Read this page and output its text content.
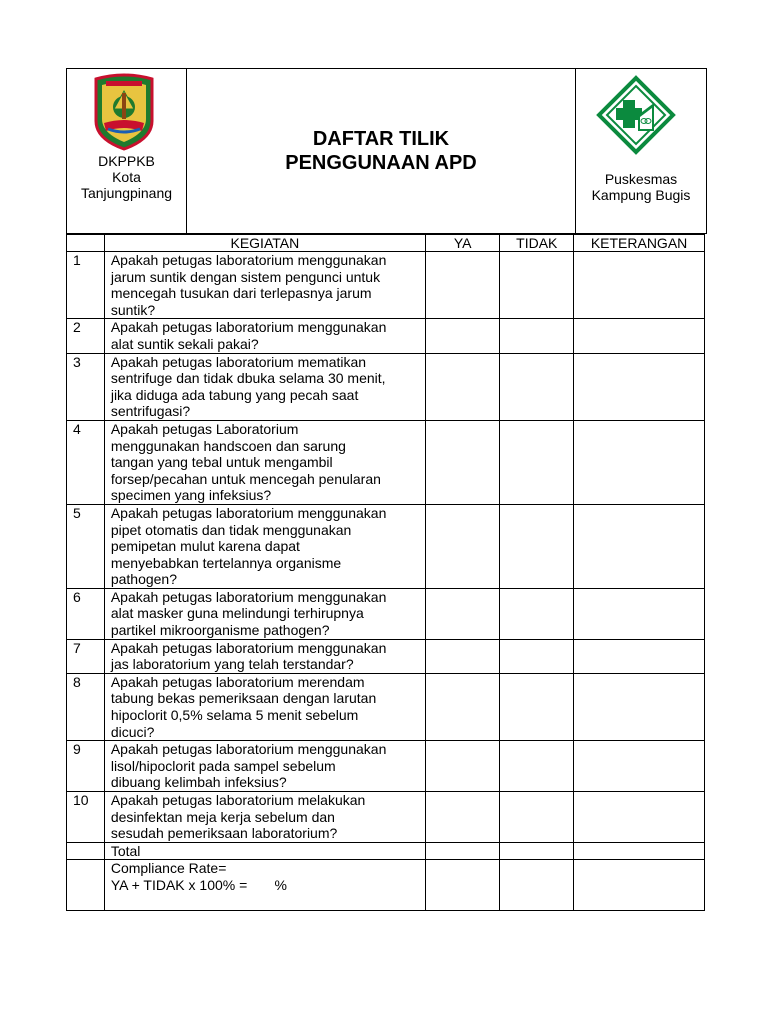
DKPPKB
Kota
Tanjungpinang

DAFTAR TILIK
PENGGUNAAN APD

Puskesmas
Kampung Bugis
	KEGIATAN	YA	TIDAK	KETERANGAN
1	Apakah petugas laboratorium menggunakan
jarum suntik dengan sistem pengunci untuk
mencegah tusukan dari terlepasnya jarum
suntik?			

2	Apakah petugas laboratorium menggunakan
alat suntik sekali pakai?			

3	Apakah petugas laboratorium mematikan
sentrifuge dan tidak dbuka selama 30 menit,
jika diduga ada tabung yang pecah saat
sentrifugasi?			

4	Apakah petugas Laboratorium
menggunakan handscoen dan sarung
tangan yang tebal untuk mengambil
forsep/pecahan untuk mencegah penularan
specimen yang infeksius?			

5	Apakah petugas laboratorium menggunakan
pipet otomatis dan tidak menggunakan
pemipetan mulut karena dapat
menyebabkan tertelannya organisme
pathogen?			

6	Apakah petugas laboratorium menggunakan
alat masker guna melindungi terhirupnya
partikel mikroorganisme pathogen?			

7	Apakah petugas laboratorium menggunakan
jas laboratorium yang telah terstandar?			

8	Apakah petugas laboratorium merendam
tabung bekas pemeriksaan dengan larutan
hipoclorit 0,5% selama 5 menit sebelum
dicuci?			

9	Apakah petugas laboratorium menggunakan
lisol/hipoclorit pada sampel sebelum
dibuang kelimbah infeksius?			

10	Apakah petugas laboratorium melakukan
desinfektan meja kerja sebelum dan
sesudah pemeriksaan laboratorium?			

	Total			

	Compliance Rate=
YA + TIDAK x 100% =       %			
